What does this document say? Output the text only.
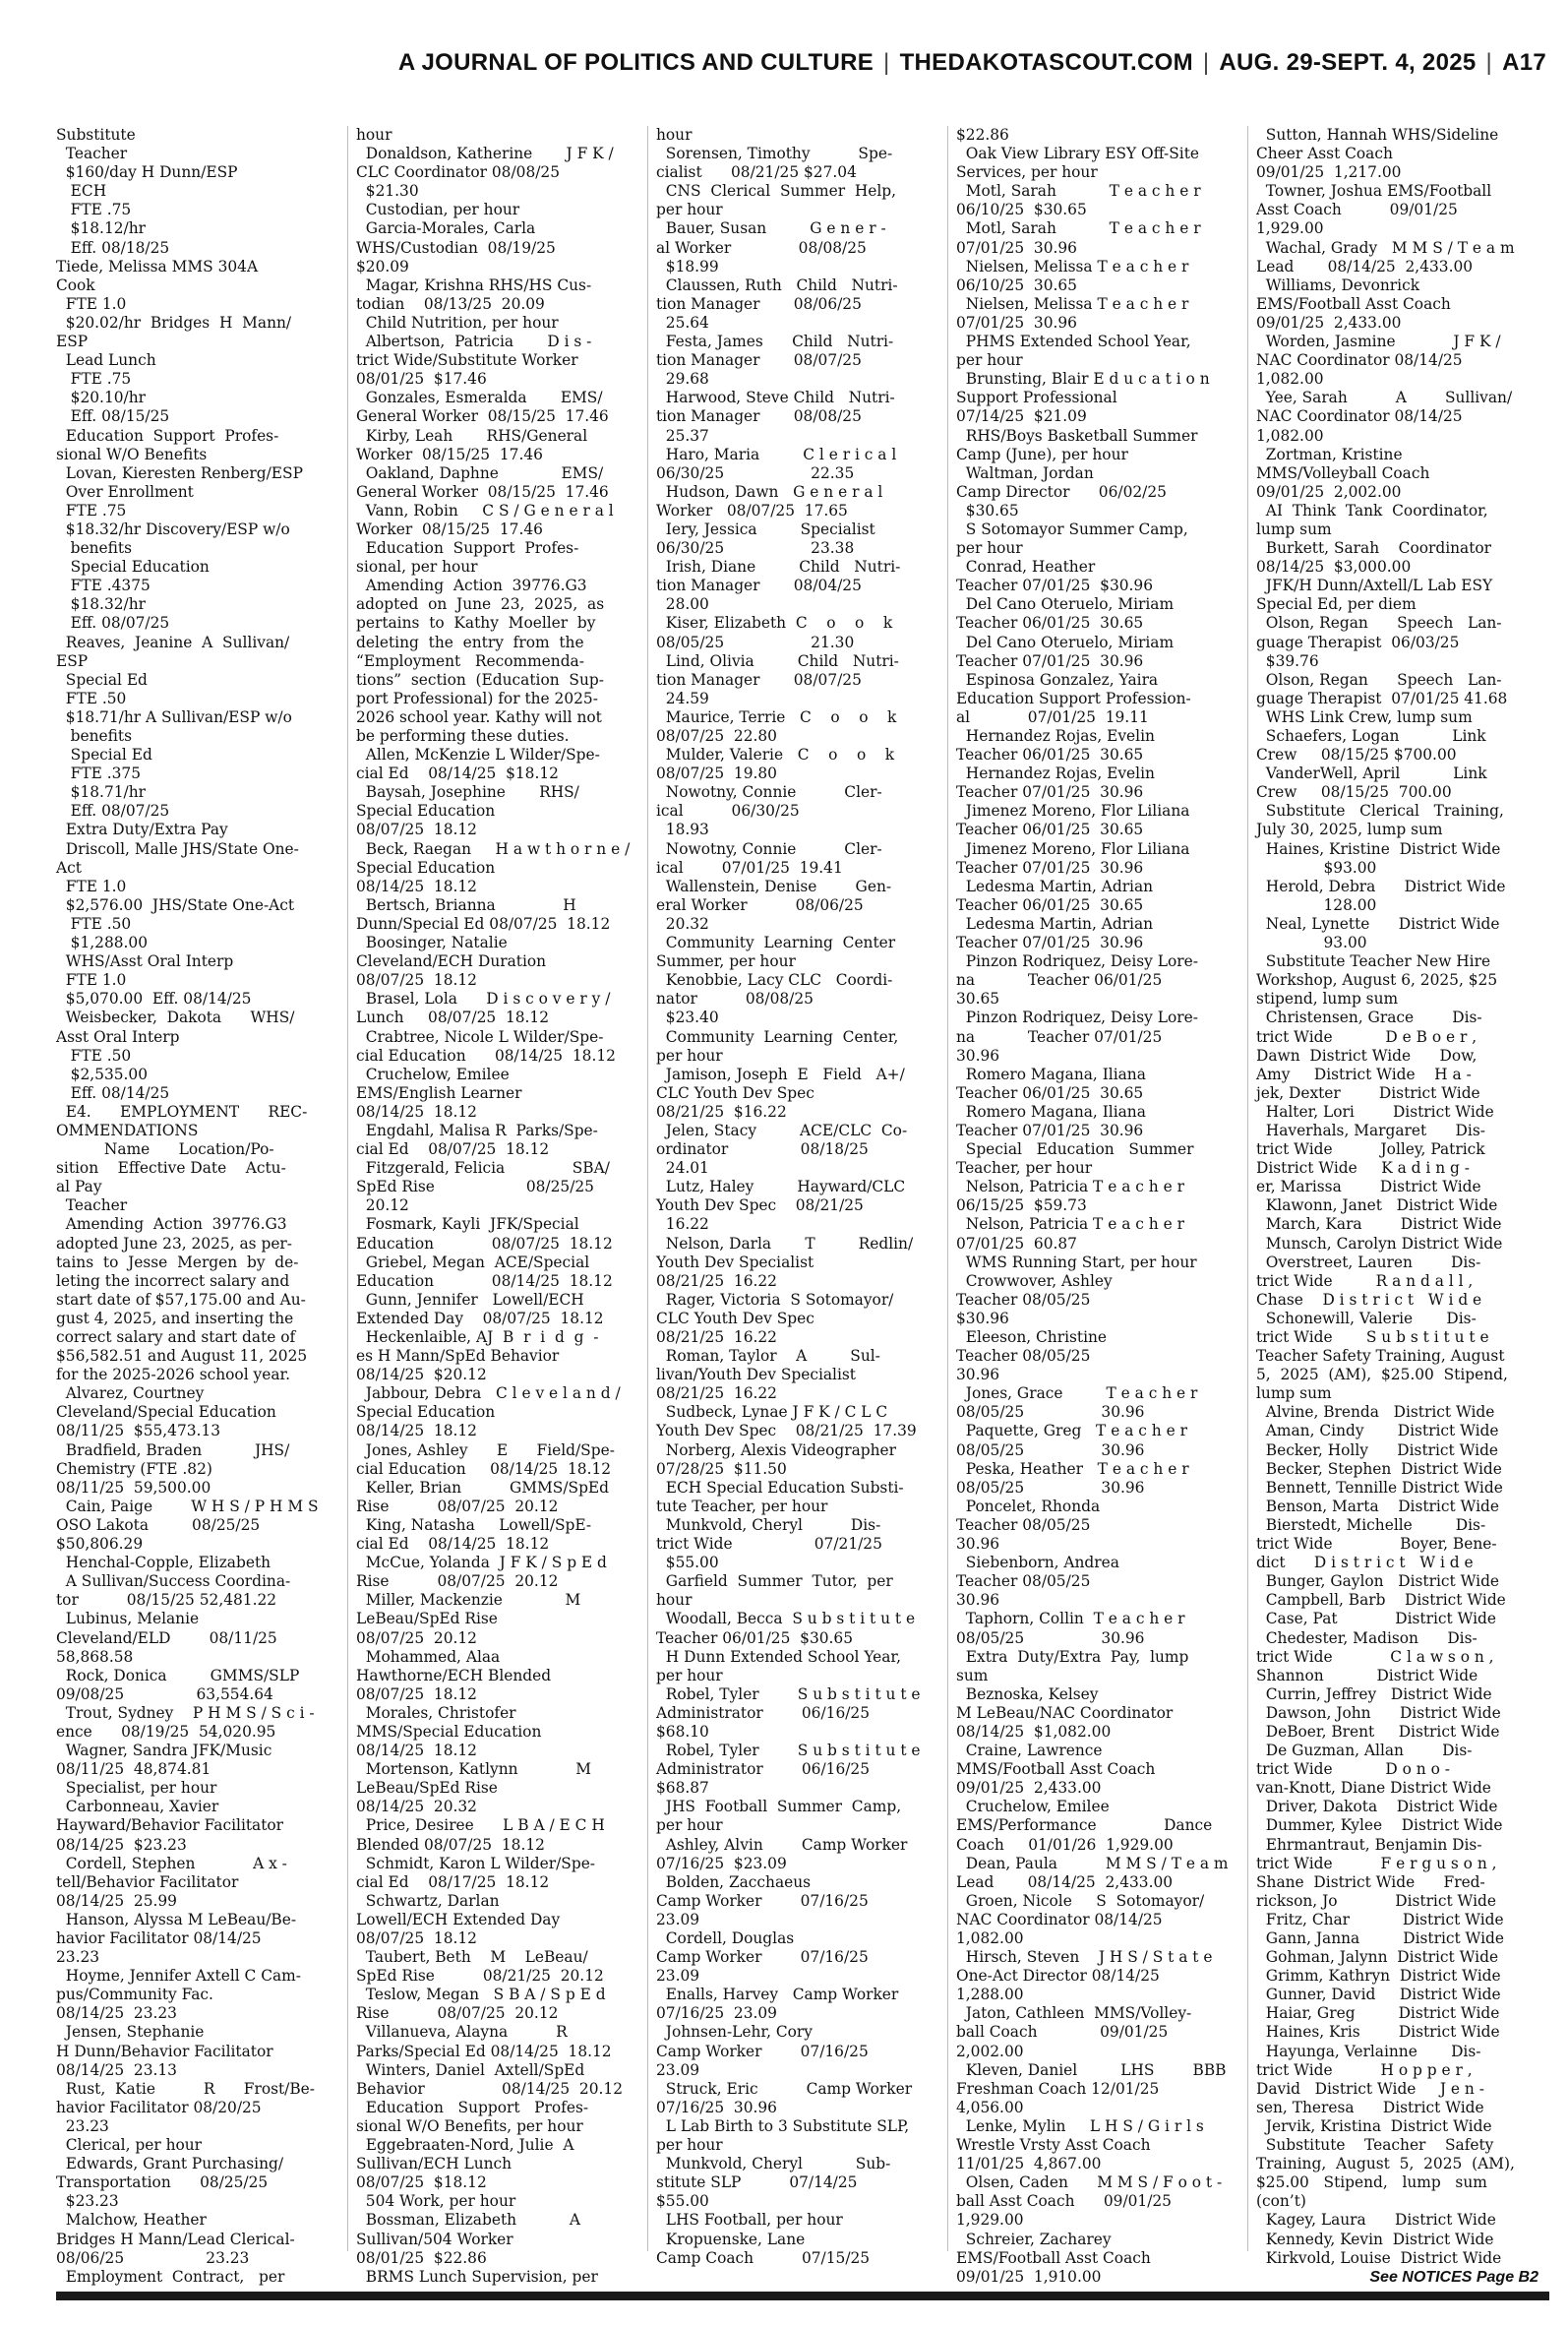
A JOURNAL OF POLITICS AND CULTURE | THEDAKOTASCOUT.COM | AUG. 29-SEPT. 4, 2025 | A17
Substitute
Teacher
$160/day H Dunn/ESP
ECH
FTE .75
$18.12/hr
Eff. 08/18/25
Tiede, Melissa MMS 304A
Cook
FTE 1.0
$20.02/hr  Bridges  H  Mann/
ESP
Lead Lunch
FTE .75
$20.10/hr
Eff. 08/15/25
Education  Support  Profes-
sional W/O Benefits
Lovan, Kieresten Renberg/ESP
Over Enrollment
FTE .75
$18.32/hr Discovery/ESP w/o
benefits
Special Education
FTE .4375
$18.32/hr
Eff. 08/07/25
Reaves,  Jeanine  A  Sullivan/
ESP
Special Ed
FTE .50
$18.71/hr A Sullivan/ESP w/o
benefits
Special Ed
FTE .375
$18.71/hr
Eff. 08/07/25
Extra Duty/Extra Pay
Driscoll, Malle JHS/State One-
Act
FTE 1.0
$2,576.00  JHS/State One-Act
FTE .50
$1,288.00
WHS/Asst Oral Interp
FTE 1.0
$5,070.00  Eff. 08/14/25
Weisbecker,  Dakota      WHS/
Asst Oral Interp
FTE .50
$2,535.00
Eff. 08/14/25
E4.      EMPLOYMENT      REC-
OMMENDATIONS
Name      Location/Po-
sition    Effective Date    Actu-
al Pay
Teacher
Amending  Action  39776.G3
adopted June 23, 2025, as per-
tains  to  Jesse  Mergen  by  de-
leting the incorrect salary and
start date of $57,175.00 and Au-
gust 4, 2025, and inserting the
correct salary and start date of
$56,582.51 and August 11, 2025
for the 2025-2026 school year.
Alvarez, Courtney
Cleveland/Special Education
08/11/25  $55,473.13
Bradfield, Braden           JHS/
Chemistry (FTE .82)
08/11/25  59,500.00
Cain, Paige        W H S / P H M S
OSO Lakota         08/25/25
$50,806.29
Henchal-Copple, Elizabeth
A Sullivan/Success Coordina-
tor          08/15/25 52,481.22
Lubinus, Melanie
Cleveland/ELD        08/11/25
58,868.58
Rock, Donica         GMMS/SLP
09/08/25               63,554.64
Trout, Sydney    P H M S / S c i -
ence      08/19/25  54,020.95
Wagner, Sandra JFK/Music
08/11/25  48,874.81
Specialist, per hour
Carbonneau, Xavier
Hayward/Behavior Facilitator
08/14/25  $23.23
Cordell, Stephen            A x -
tell/Behavior Facilitator
08/14/25  25.99
Hanson, Alyssa M LeBeau/Be-
havior Facilitator 08/14/25
23.23
Hoyme, Jennifer Axtell C Cam-
pus/Community Fac.
08/14/25  23.23
Jensen, Stephanie
H Dunn/Behavior Facilitator
08/14/25  23.13
Rust,  Katie          R      Frost/Be-
havior Facilitator 08/20/25
23.23
Clerical, per hour
Edwards, Grant Purchasing/
Transportation      08/25/25
$23.23
Malchow, Heather
Bridges H Mann/Lead Clerical-
08/06/25                 23.23
Employment  Contract,   per
hour
Donaldson, Katherine       J F K /
CLC Coordinator 08/08/25
$21.30
Custodian, per hour
Garcia-Morales, Carla
WHS/Custodian  08/19/25
$20.09
Magar, Krishna RHS/HS Cus-
todian    08/13/25  20.09
Child Nutrition, per hour
Albertson,  Patricia       D i s -
trict Wide/Substitute Worker
08/01/25  $17.46
Gonzales, Esmeralda       EMS/
General Worker  08/15/25  17.46
Kirby, Leah       RHS/General
Worker  08/15/25  17.46
Oakland, Daphne             EMS/
General Worker  08/15/25  17.46
Vann, Robin     C S / G e n e r a l
Worker  08/15/25  17.46
Education  Support  Profes-
sional, per hour
Amending  Action  39776.G3
adopted  on  June  23,  2025,  as
pertains  to  Kathy  Moeller  by
deleting  the  entry  from  the
“Employment   Recommenda-
tions”  section  (Education  Sup-
port Professional) for the 2025-
2026 school year. Kathy will not
be performing these duties.
Allen, McKenzie L Wilder/Spe-
cial Ed    08/14/25  $18.12
Baysah, Josephine       RHS/
Special Education
08/07/25  18.12
Beck, Raegan     H a w t h o r n e /
Special Education
08/14/25  18.12
Bertsch, Brianna              H
Dunn/Special Ed 08/07/25  18.12
Boosinger, Natalie
Cleveland/ECH Duration
08/07/25  18.12
Brasel, Lola      D i s c o v e r y /
Lunch     08/07/25  18.12
Crabtree, Nicole L Wilder/Spe-
cial Education      08/14/25  18.12
Cruchelow, Emilee
EMS/English Learner
08/14/25  18.12
Engdahl, Malisa R  Parks/Spe-
cial Ed    08/07/25  18.12
Fitzgerald, Felicia              SBA/
SpEd Rise                   08/25/25
20.12
Fosmark, Kayli  JFK/Special
Education            08/07/25  18.12
Griebel, Megan  ACE/Special
Education            08/14/25  18.12
Gunn, Jennifer   Lowell/ECH
Extended Day    08/07/25  18.12
Heckenlaible, AJ  B  r  i  d  g  -
es H Mann/SpEd Behavior
08/14/25  $20.12
Jabbour, Debra   C l e v e l a n d /
Special Education
08/14/25  18.12
Jones, Ashley      E      Field/Spe-
cial Education     08/14/25  18.12
Keller, Brian          GMMS/SpEd
Rise          08/07/25  20.12
King, Natasha     Lowell/SpE-
cial Ed    08/14/25  18.12
McCue, Yolanda  J F K / S p E d
Rise          08/07/25  20.12
Miller, Mackenzie             M
LeBeau/SpEd Rise
08/07/25  20.12
Mohammed, Alaa
Hawthorne/ECH Blended
08/07/25  18.12
Morales, Christofer
MMS/Special Education
08/14/25  18.12
Mortenson, Katlynn            M
LeBeau/SpEd Rise
08/14/25  20.32
Price, Desiree      L B A / E C H
Blended 08/07/25  18.12
Schmidt, Karon L Wilder/Spe-
cial Ed    08/17/25  18.12
Schwartz, Darlan
Lowell/ECH Extended Day
08/07/25  18.12
Taubert, Beth    M    LeBeau/
SpEd Rise          08/21/25  20.12
Teslow, Megan   S B A / S p E d
Rise          08/07/25  20.12
Villanueva, Alayna          R
Parks/Special Ed 08/14/25  18.12
Winters, Daniel  Axtell/SpEd
Behavior                08/14/25  20.12
Education   Support   Profes-
sional W/O Benefits, per hour
Eggebraaten-Nord, Julie  A
Sullivan/ECH Lunch
08/07/25  $18.12
504 Work, per hour
Bossman, Elizabeth           A
Sullivan/504 Worker
08/01/25  $22.86
BRMS Lunch Supervision, per
hour
Sorensen, Timothy          Spe-
cialist      08/21/25 $27.04
CNS  Clerical  Summer  Help,
per hour
Bauer, Susan         G e n e r -
al Worker              08/08/25
$18.99
Claussen, Ruth   Child   Nutri-
tion Manager       08/06/25
25.64
Festa, James      Child   Nutri-
tion Manager       08/07/25
29.68
Harwood, Steve Child   Nutri-
tion Manager       08/08/25
25.37
Haro, Maria         C l e r i c a l
06/30/25                  22.35
Hudson, Dawn   G e n e r a l
Worker   08/07/25  17.65
Iery, Jessica         Specialist
06/30/25                  23.38
Irish, Diane         Child   Nutri-
tion Manager       08/04/25
28.00
Kiser, Elizabeth  C    o    o    k
08/05/25                  21.30
Lind, Olivia         Child   Nutri-
tion Manager       08/07/25
24.59
Maurice, Terrie   C    o    o    k
08/07/25  22.80
Mulder, Valerie   C    o    o    k
08/07/25  19.80
Nowotny, Connie          Cler-
ical          06/30/25
18.93
Nowotny, Connie          Cler-
ical        07/01/25  19.41
Wallenstein, Denise        Gen-
eral Worker          08/06/25
20.32
Community  Learning  Center
Summer, per hour
Kenobbie, Lacy CLC   Coordi-
nator          08/08/25
$23.40
Community  Learning  Center,
per hour
Jamison, Joseph  E   Field   A+/
CLC Youth Dev Spec
08/21/25  $16.22
Jelen, Stacy         ACE/CLC  Co-
ordinator               08/18/25
24.01
Lutz, Haley         Hayward/CLC
Youth Dev Spec    08/21/25
16.22
Nelson, Darla       T         Redlin/
Youth Dev Specialist
08/21/25  16.22
Rager, Victoria  S Sotomayor/
CLC Youth Dev Spec
08/21/25  16.22
Roman, Taylor    A         Sul-
livan/Youth Dev Specialist
08/21/25  16.22
Sudbeck, Lynae J F K / C L C
Youth Dev Spec    08/21/25  17.39
Norberg, Alexis Videographer
07/28/25  $11.50
ECH Special Education Substi-
tute Teacher, per hour
Munkvold, Cheryl          Dis-
trict Wide                 07/21/25
$55.00
Garfield  Summer  Tutor,  per
hour
Woodall, Becca  S u b s t i t u t e
Teacher 06/01/25  $30.65
H Dunn Extended School Year,
per hour
Robel, Tyler        S u b s t i t u t e
Administrator        06/16/25
$68.10
Robel, Tyler        S u b s t i t u t e
Administrator        06/16/25
$68.87
JHS  Football  Summer  Camp,
per hour
Ashley, Alvin        Camp Worker
07/16/25  $23.09
Bolden, Zacchaeus
Camp Worker        07/16/25
23.09
Cordell, Douglas
Camp Worker        07/16/25
23.09
Enalls, Harvey   Camp Worker
07/16/25  23.09
Johnsen-Lehr, Cory
Camp Worker        07/16/25
23.09
Struck, Eric          Camp Worker
07/16/25  30.96
L Lab Birth to 3 Substitute SLP,
per hour
Munkvold, Cheryl           Sub-
stitute SLP          07/14/25
$55.00
LHS Football, per hour
Kropuenske, Lane
Camp Coach          07/15/25
$22.86
Oak View Library ESY Off-Site
Services, per hour
Motl, Sarah           T e a c h e r
06/10/25  $30.65
Motl, Sarah           T e a c h e r
07/01/25  30.96
Nielsen, Melissa T e a c h e r
06/10/25  30.65
Nielsen, Melissa T e a c h e r
07/01/25  30.96
PHMS Extended School Year,
per hour
Brunsting, Blair E d u c a t i o n
Support Professional
07/14/25  $21.09
RHS/Boys Basketball Summer
Camp (June), per hour
Waltman, Jordan
Camp Director      06/02/25
$30.65
S Sotomayor Summer Camp,
per hour
Conrad, Heather
Teacher 07/01/25  $30.96
Del Cano Oteruelo, Miriam
Teacher 06/01/25  30.65
Del Cano Oteruelo, Miriam
Teacher 07/01/25  30.96
Espinosa Gonzalez, Yaira
Education Support Profession-
al            07/01/25  19.11
Hernandez Rojas, Evelin
Teacher 06/01/25  30.65
Hernandez Rojas, Evelin
Teacher 07/01/25  30.96
Jimenez Moreno, Flor Liliana
Teacher 06/01/25  30.65
Jimenez Moreno, Flor Liliana
Teacher 07/01/25  30.96
Ledesma Martin, Adrian
Teacher 06/01/25  30.65
Ledesma Martin, Adrian
Teacher 07/01/25  30.96
Pinzon Rodriquez, Deisy Lore-
na           Teacher 06/01/25
30.65
Pinzon Rodriquez, Deisy Lore-
na           Teacher 07/01/25
30.96
Romero Magana, Iliana
Teacher 06/01/25  30.65
Romero Magana, Iliana
Teacher 07/01/25  30.96
Special   Education   Summer
Teacher, per hour
Nelson, Patricia T e a c h e r
06/15/25  $59.73
Nelson, Patricia T e a c h e r
07/01/25  60.87
WMS Running Start, per hour
Crowwover, Ashley
Teacher 08/05/25
$30.96
Eleeson, Christine
Teacher 08/05/25
30.96
Jones, Grace         T e a c h e r
08/05/25                30.96
Paquette, Greg   T e a c h e r
08/05/25                30.96
Peska, Heather   T e a c h e r
08/05/25                30.96
Poncelet, Rhonda
Teacher 08/05/25
30.96
Siebenborn, Andrea
Teacher 08/05/25
30.96
Taphorn, Collin  T e a c h e r
08/05/25                30.96
Extra  Duty/Extra  Pay,  lump
sum
Beznoska, Kelsey
M LeBeau/NAC Coordinator
08/14/25  $1,082.00
Craine, Lawrence
MMS/Football Asst Coach
09/01/25  2,433.00
Cruchelow, Emilee
EMS/Performance              Dance
Coach     01/01/26  1,929.00
Dean, Paula          M M S / T e a m
Lead       08/14/25  2,433.00
Groen, Nicole     S  Sotomayor/
NAC Coordinator 08/14/25
1,082.00
Hirsch, Steven    J H S / S t a t e
One-Act Director 08/14/25
1,288.00
Jaton, Cathleen  MMS/Volley-
ball Coach             09/01/25
2,002.00
Kleven, Daniel         LHS        BBB
Freshman Coach 12/01/25
4,056.00
Lenke, Mylin     L H S / G i r l s
Wrestle Vrsty Asst Coach
11/01/25  4,867.00
Olsen, Caden      M M S / F o o t -
ball Asst Coach      09/01/25
1,929.00
Schreier, Zacharey
EMS/Football Asst Coach
09/01/25  1,910.00
Sutton, Hannah WHS/Sideline
Cheer Asst Coach
09/01/25  1,217.00
Towner, Joshua EMS/Football
Asst Coach          09/01/25
1,929.00
Wachal, Grady   M M S / T e a m
Lead       08/14/25  2,433.00
Williams, Devonrick
EMS/Football Asst Coach
09/01/25  2,433.00
Worden, Jasmine            J F K /
NAC Coordinator 08/14/25
1,082.00
Yee, Sarah          A        Sullivan/
NAC Coordinator 08/14/25
1,082.00
Zortman, Kristine
MMS/Volleyball Coach
09/01/25  2,002.00
AI  Think  Tank  Coordinator,
lump sum
Burkett, Sarah    Coordinator
08/14/25  $3,000.00
JFK/H Dunn/Axtell/L Lab ESY
Special Ed, per diem
Olson, Regan      Speech   Lan-
guage Therapist  06/03/25
$39.76
Olson, Regan      Speech   Lan-
guage Therapist  07/01/25 41.68
WHS Link Crew, lump sum
Schaefers, Logan           Link
Crew     08/15/25 $700.00
VanderWell, April           Link
Crew     08/15/25  700.00
Substitute   Clerical   Training,
July 30, 2025, lump sum
Haines, Kristine  District Wide
$93.00
Herold, Debra      District Wide
128.00
Neal, Lynette      District Wide
93.00
Substitute Teacher New Hire
Workshop, August 6, 2025, $25
stipend, lump sum
Christensen, Grace        Dis-
trict Wide           D e B o e r ,
Dawn  District Wide      Dow,
Amy     District Wide    H a -
jek, Dexter        District Wide
Halter, Lori        District Wide
Haverhals, Margaret      Dis-
trict Wide          Jolley, Patrick
District Wide     K a d i n g -
er, Marissa        District Wide
Klawonn, Janet   District Wide
March, Kara        District Wide
Munsch, Carolyn District Wide
Overstreet, Lauren        Dis-
trict Wide         R a n d a l l ,
Chase    D i s t r i c t   W i d e
Schonewill, Valerie       Dis-
trict Wide       S u b s t i t u t e
Teacher Safety Training, August
5,  2025  (AM),  $25.00  Stipend,
lump sum
Alvine, Brenda   District Wide
Aman, Cindy       District Wide
Becker, Holly      District Wide
Becker, Stephen  District Wide
Bennett, Tennille District Wide
Benson, Marta    District Wide
Bierstedt, Michelle         Dis-
trict Wide              Boyer, Bene-
dict      D i s t r i c t   W i d e
Bunger, Gaylon   District Wide
Campbell, Barb    District Wide
Case, Pat            District Wide
Chedester, Madison      Dis-
trict Wide            C l a w s o n ,
Shannon           District Wide
Currin, Jeffrey   District Wide
Dawson, John      District Wide
DeBoer, Brent     District Wide
De Guzman, Allan        Dis-
trict Wide           D o n o -
van-Knott, Diane District Wide
Driver, Dakota    District Wide
Dummer, Kylee    District Wide
Ehrmantraut, Benjamin Dis-
trict Wide          F e r g u s o n ,
Shane  District Wide      Fred-
rickson, Jo            District Wide
Fritz, Char           District Wide
Gann, Janna         District Wide
Gohman, Jalynn  District Wide
Grimm, Kathryn  District Wide
Gunner, David     District Wide
Haiar, Greg         District Wide
Haines, Kris        District Wide
Hayunga, Verlainne       Dis-
trict Wide          H o p p e r ,
David   District Wide     J e n -
sen, Theresa      District Wide
Jervik, Kristina  District Wide
Substitute    Teacher    Safety
Training,  August  5,  2025  (AM),
$25.00   Stipend,   lump   sum
(con’t)
Kagey, Laura      District Wide
Kennedy, Kevin  District Wide
Kirkvold, Louise  District Wide
See NOTICES Page B2
